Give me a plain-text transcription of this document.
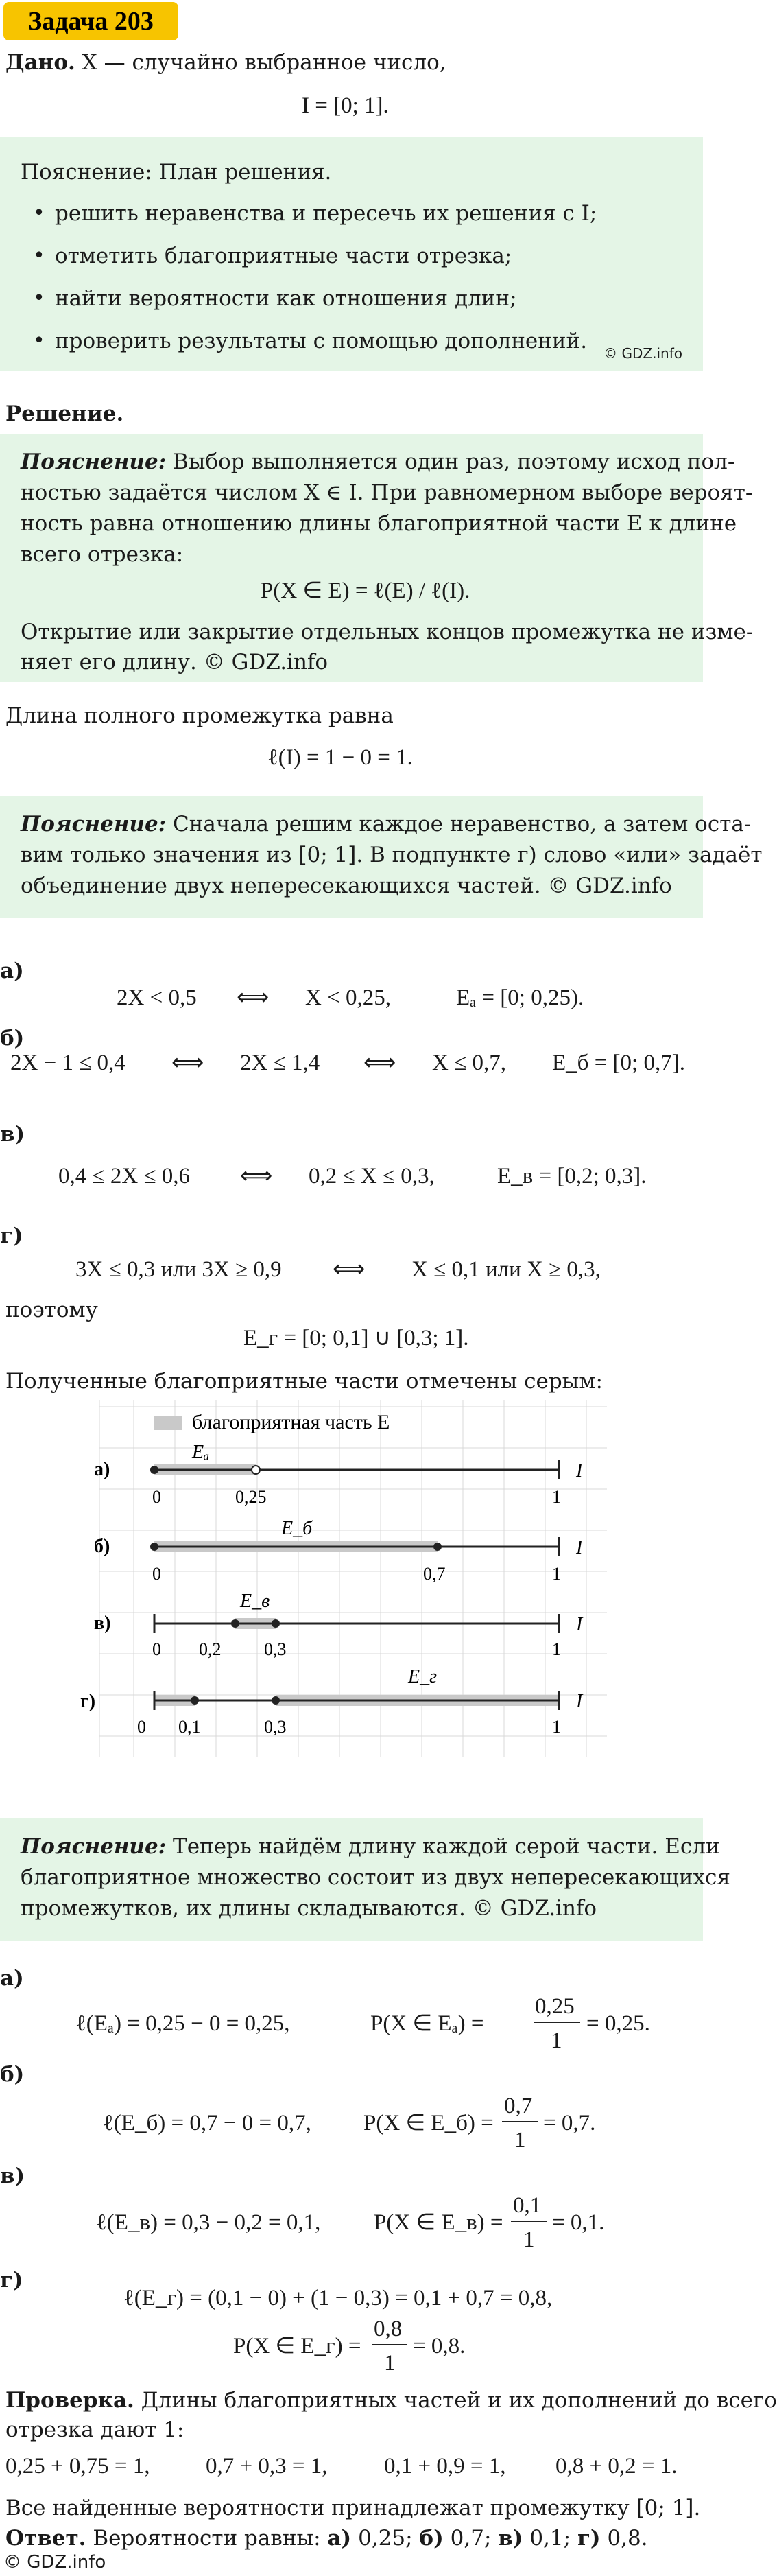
Задача 203
Дано. X — случайно выбранное число,
I = [0; 1].
Пояснение: План решения.
• решить неравенства и пересечь их решения с I;
• отметить благоприятные части отрезка;
• найти вероятности как отношения длин;
• проверить результаты с помощью дополнений.	© GDZ.info
Решение.
Пояснение: Выбор выполняется один раз, поэтому исход пол-
ностью задаётся числом X ∈ I. При равномерном выборе вероят-
ность равна отношению длины благоприятной части E к длине
всего отрезка:
P(X ∈ E) = ℓ(E) / ℓ(I).
Открытие или закрытие отдельных концов промежутка не изме-
няет его длину. © GDZ.info
Длина полного промежутка равна
ℓ(I) = 1 − 0 = 1.
Пояснение: Сначала решим каждое неравенство, а затем оста-
вим только значения из [0; 1]. В подпункте г) слово «или» задаёт
объединение двух непересекающихся частей. © GDZ.info
а)
2X < 0,5 ⟺ X < 0,25,	Eₐ = [0; 0,25).
б)
2X − 1 ≤ 0,4 ⟺ 2X ≤ 1,4 ⟺ X ≤ 0,7, E_б = [0; 0,7].
в)
0,4 ≤ 2X ≤ 0,6 ⟺ 0,2 ≤ X ≤ 0,3,	E_в = [0,2; 0,3].
г)
3X ≤ 0,3 или 3X ≥ 0,9 ⟺ X ≤ 0,1 или X ≥ 0,3,
поэтому
E_г = [0; 0,1] ∪ [0,3; 1].
Полученные благоприятные части отмечены серым:
благоприятная часть E
а)
Eₐ
0	0,25	1
I
б)
E_б
0	0,7	1
I
в)
E_в
0 0,2 0,3	1
I
г)
E_г
0 0,1	0,3	1
I
Пояснение: Теперь найдём длину каждой серой части. Если
благоприятное множество состоит из двух непересекающихся
промежутков, их длины складываются. © GDZ.info
а)
ℓ(Eₐ) = 0,25 − 0 = 0,25,	P(X ∈ Eₐ) =
0,25
1
= 0,25.
б)
ℓ(E_б) = 0,7 − 0 = 0,7, P(X ∈ E_б) =
0,7
1
= 0,7.
в)
ℓ(E_в) = 0,3 − 0,2 = 0,1, P(X ∈ E_в) =
0,1
1
= 0,1.
г)
ℓ(E_г) = (0,1 − 0) + (1 − 0,3) = 0,1 + 0,7 = 0,8,
P(X ∈ E_г) =
0,8
1
= 0,8.
Проверка. Длины благоприятных частей и их дополнений до всего
отрезка дают 1:
0,25 + 0,75 = 1, 0,7 + 0,3 = 1,	0,1 + 0,9 = 1, 0,8 + 0,2 = 1.
Все найденные вероятности принадлежат промежутку [0; 1].
Ответ. Вероятности равны: а) 0,25; б) 0,7; в) 0,1; г) 0,8.
© GDZ.info
